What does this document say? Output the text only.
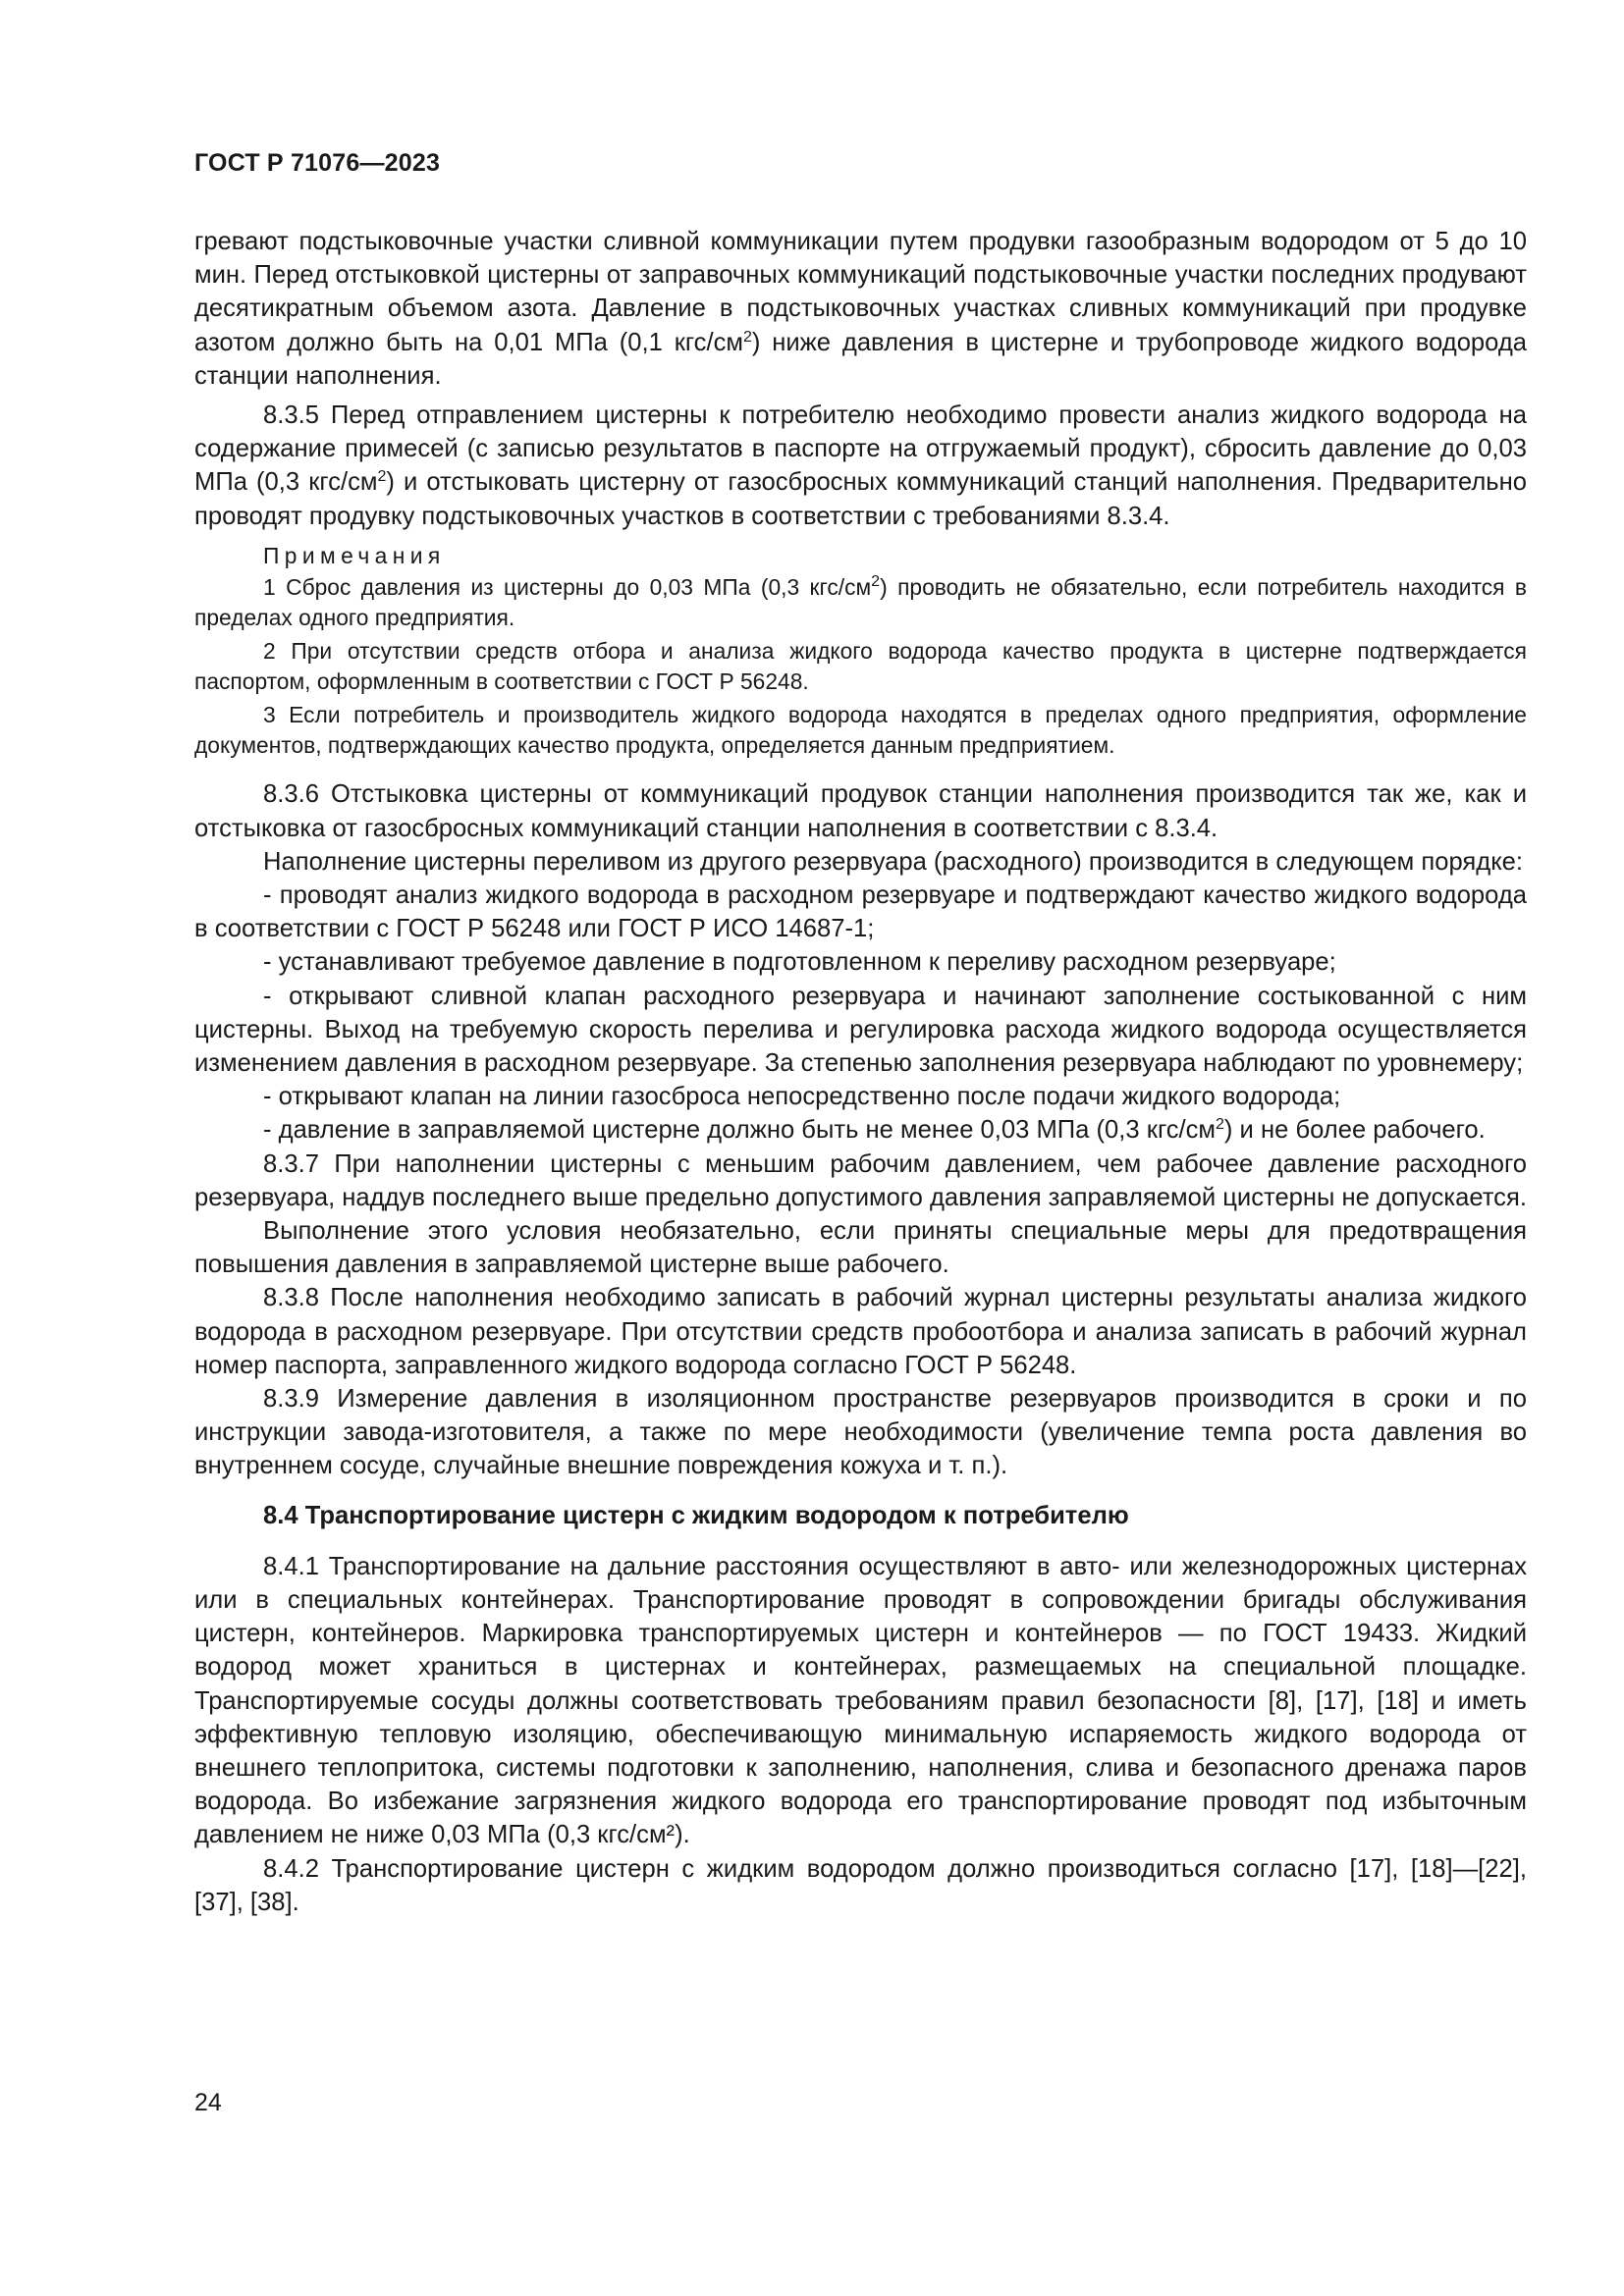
ГОСТ Р 71076—2023

гревают подстыковочные участки сливной коммуникации путем продувки газообразным водородом от 5 до 10 мин. Перед отстыковкой цистерны от заправочных коммуникаций подстыковочные участки последних продувают десятикратным объемом азота. Давление в подстыковочных участках сливных коммуникаций при продувке азотом должно быть на 0,01 МПа (0,1 кгс/$см^2$) ниже давления в цистерне и трубопроводе жидкого водорода станции наполнения.

8.3.5 Перед отправлением цистерны к потребителю необходимо провести анализ жидкого водорода на содержание примесей (с записью результатов в паспорте на отгружаемый продукт), сбросить давление до 0,03 МПа (0,3 кгс/$см^2$) и отстыковать цистерну от газосбросных коммуникаций станций наполнения. Предварительно проводят продувку подстыковочных участков в соответствии с требованиями 8.3.4.

Примечания

1 Сброс давления из цистерны до 0,03 МПа (0,3 кгс/$см^2$) проводить не обязательно, если потребитель находится в пределах одного предприятия.

2 При отсутствии средств отбора и анализа жидкого водорода качество продукта в цистерне подтверждается паспортом, оформленным в соответствии с ГОСТ Р 56248.

3 Если потребитель и производитель жидкого водорода находятся в пределах одного предприятия, оформление документов, подтверждающих качество продукта, определяется данным предприятием.

8.3.6 Отстыковка цистерны от коммуникаций продувок станции наполнения производится так же, как и отстыковка от газосбросных коммуникаций станции наполнения в соответствии с 8.3.4.

Наполнение цистерны переливом из другого резервуара (расходного) производится в следующем порядке:

- проводят анализ жидкого водорода в расходном резервуаре и подтверждают качество жидкого водорода в соответствии с ГОСТ Р 56248 или ГОСТ Р ИСО 14687-1;

- устанавливают требуемое давление в подготовленном к переливу расходном резервуаре;

- открывают сливной клапан расходного резервуара и начинают заполнение состыкованной с ним цистерны. Выход на требуемую скорость перелива и регулировка расхода жидкого водорода осуществляется изменением давления в расходном резервуаре. За степенью заполнения резервуара наблюдают по уровнемеру;

- открывают клапан на линии газосброса непосредственно после подачи жидкого водорода;

- давление в заправляемой цистерне должно быть не менее 0,03 МПа (0,3 кгс/$см^2$) и не более рабочего.

8.3.7 При наполнении цистерны с меньшим рабочим давлением, чем рабочее давление расходного резервуара, наддув последнего выше предельно допустимого давления заправляемой цистерны не допускается.

Выполнение этого условия необязательно, если приняты специальные меры для предотвращения повышения давления в заправляемой цистерне выше рабочего.

8.3.8 После наполнения необходимо записать в рабочий журнал цистерны результаты анализа жидкого водорода в расходном резервуаре. При отсутствии средств пробоотбора и анализа записать в рабочий журнал номер паспорта, заправленного жидкого водорода согласно ГОСТ Р 56248.

8.3.9 Измерение давления в изоляционном пространстве резервуаров производится в сроки и по инструкции завода-изготовителя, а также по мере необходимости (увеличение темпа роста давления во внутреннем сосуде, случайные внешние повреждения кожуха и т. п.).

8.4 Транспортирование цистерн с жидким водородом к потребителю

8.4.1 Транспортирование на дальние расстояния осуществляют в авто- или железнодорожных цистернах или в специальных контейнерах. Транспортирование проводят в сопровождении бригады обслуживания цистерн, контейнеров. Маркировка транспортируемых цистерн и контейнеров — по ГОСТ 19433. Жидкий водород может храниться в цистернах и контейнерах, размещаемых на специальной площадке. Транспортируемые сосуды должны соответствовать требованиям правил безопасности [8], [17], [18] и иметь эффективную тепловую изоляцию, обеспечивающую минимальную испаряемость жидкого водорода от внешнего теплопритока, системы подготовки к заполнению, наполнения, слива и безопасного дренажа паров водорода. Во избежание загрязнения жидкого водорода его транспортирование проводят под избыточным давлением не ниже 0,03 МПа (0,3 кгс/см²).

8.4.2 Транспортирование цистерн с жидким водородом должно производиться согласно [17], [18]—[22], [37], [38].

24
